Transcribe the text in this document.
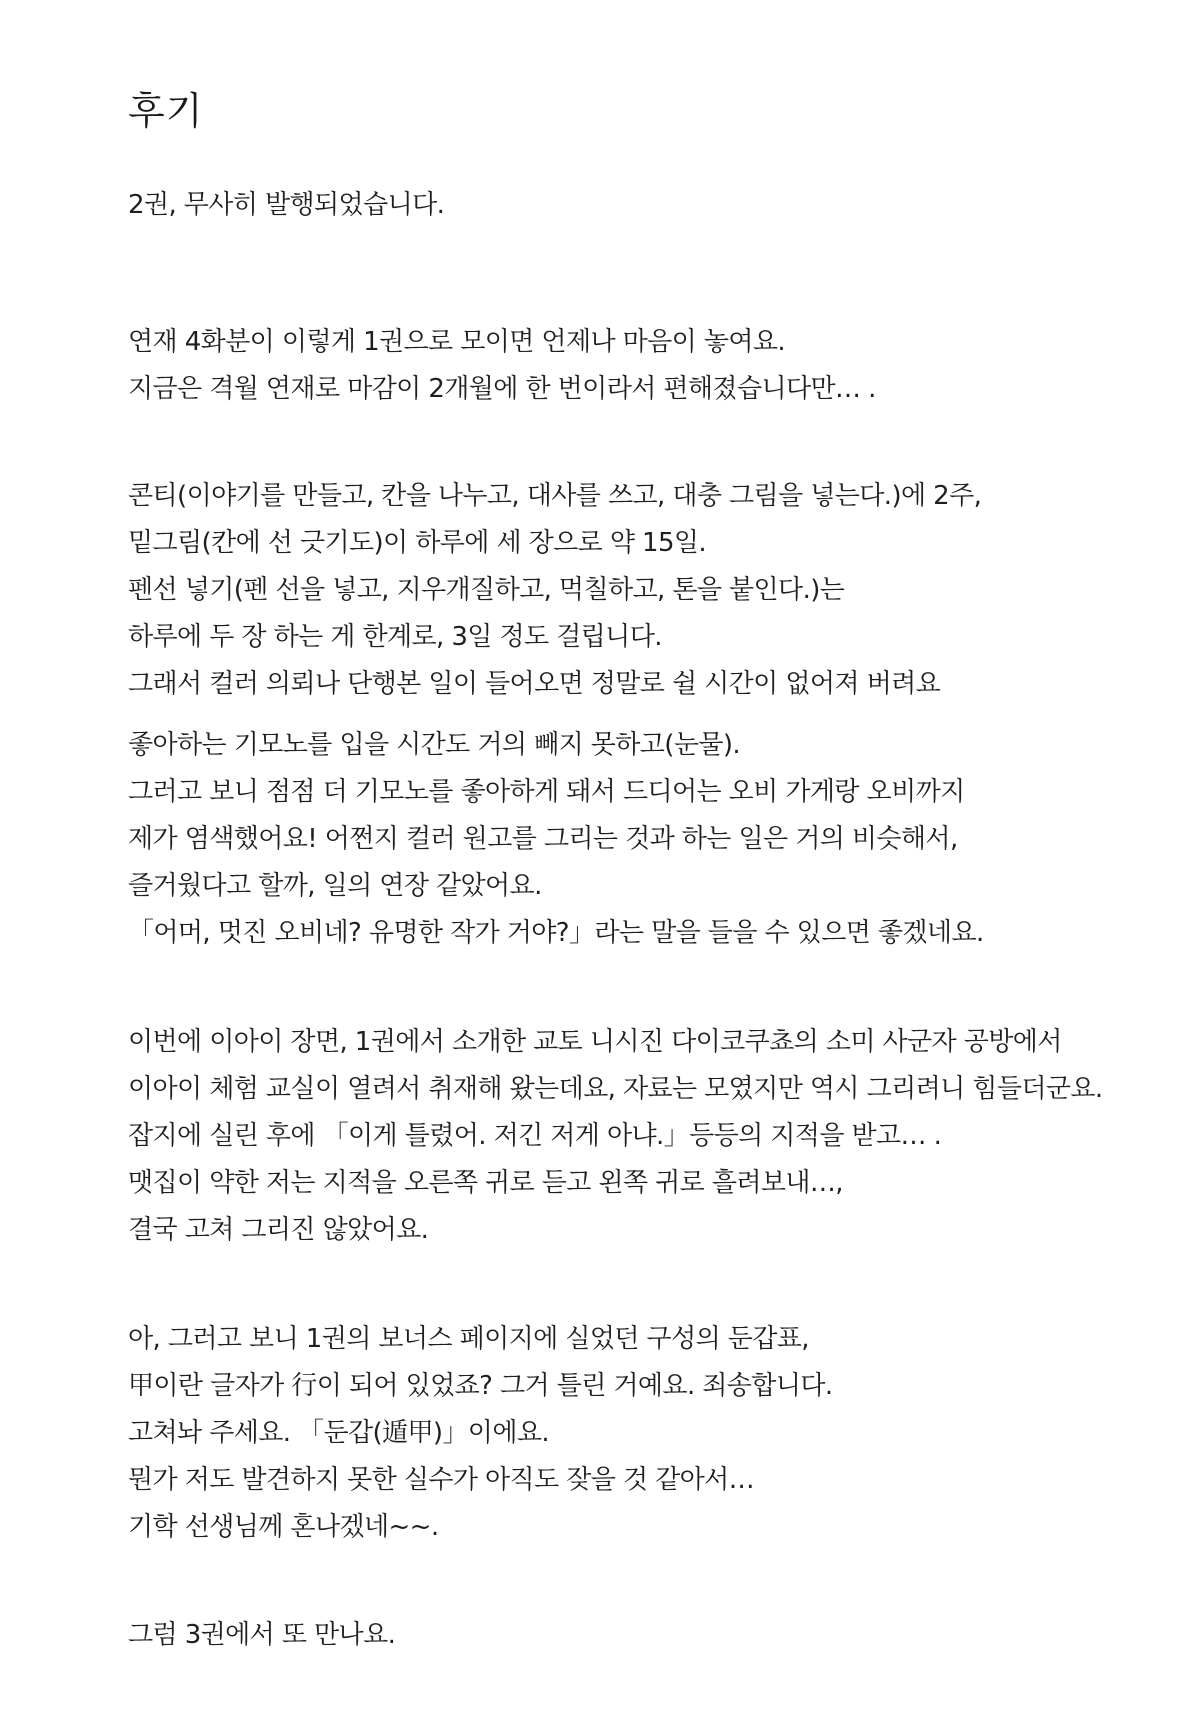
후기
2권, 무사히 발행되었습니다.
연재 4화분이 이렇게 1권으로 모이면 언제나 마음이 놓여요.
지금은 격월 연재로 마감이 2개월에 한 번이라서 편해졌습니다만… .
콘티(이야기를 만들고, 칸을 나누고, 대사를 쓰고, 대충 그림을 넣는다.)에 2주,
밑그림(칸에 선 긋기도)이 하루에 세 장으로 약 15일.
펜선 넣기(펜 선을 넣고, 지우개질하고, 먹칠하고, 톤을 붙인다.)는
하루에 두 장 하는 게 한계로, 3일 정도 걸립니다.
그래서 컬러 의뢰나 단행본 일이 들어오면 정말로 쉴 시간이 없어져 버려요
좋아하는 기모노를 입을 시간도 거의 빼지 못하고(눈물).
그러고 보니 점점 더 기모노를 좋아하게 돼서 드디어는 오비 가게랑 오비까지
제가 염색했어요! 어쩐지 컬러 원고를 그리는 것과 하는 일은 거의 비슷해서,
즐거웠다고 할까, 일의 연장 같았어요.
「어머, 멋진 오비네? 유명한 작가 거야?」라는 말을 들을 수 있으면 좋겠네요.
이번에 이아이 장면, 1권에서 소개한 교토 니시진 다이코쿠쵸의 소미 사군자 공방에서
이아이 체험 교실이 열려서 취재해 왔는데요, 자료는 모였지만 역시 그리려니 힘들더군요.
잡지에 실린 후에 「이게 틀렸어. 저긴 저게 아냐.」등등의 지적을 받고… .
맷집이 약한 저는 지적을 오른쪽 귀로 듣고 왼쪽 귀로 흘려보내…,
결국 고쳐 그리진 않았어요.
아, 그러고 보니 1권의 보너스 페이지에 실었던 구성의 둔갑표,
甲이란 글자가 行이 되어 있었죠? 그거 틀린 거예요. 죄송합니다.
고쳐놔 주세요. 「둔갑(遁甲)」이에요.
뭔가 저도 발견하지 못한 실수가 아직도 잦을 것 같아서…
기학 선생님께 혼나겠네~~.
그럼 3권에서 또 만나요.
